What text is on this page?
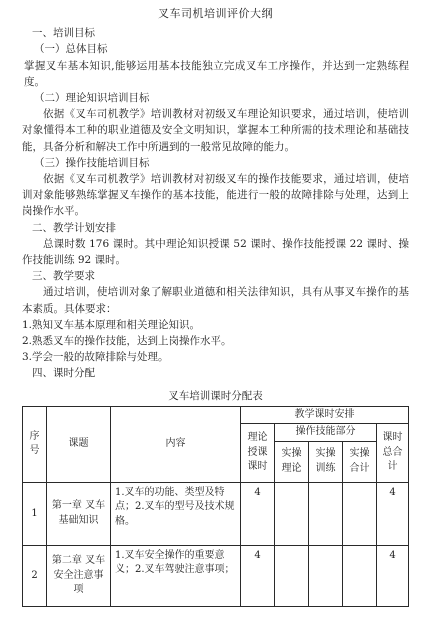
叉车司机培训评价大纲
一、培训目标
（一）总体目标

掌握叉车基本知识,能够运用基本技能独立完成叉车工序操作，并达到一定熟练程度。

（二）理论知识培训目标

依据《叉车司机教学》培训教材对初级叉车理论知识要求，通过培训，使培训对象懂得本工种的职业道德及安全文明知识，掌握本工种所需的技术理论和基础技能，具备分析和解决工作中所遇到的一般常见故障的能力。

（三）操作技能培训目标

依据《叉车司机教学》培训教材对初级叉车的操作技能要求，通过培训，使培训对象能够熟练掌握叉车操作的基本技能，能进行一般的故障排除与处理，达到上岗操作水平。

二、教学计划安排

总课时数 176 课时。其中理论知识授课 52 课时、操作技能授课 22 课时、操作技能训练 92 课时。

三、教学要求

通过培训，使培训对象了解职业道德和相关法律知识，具有从事叉车操作的基本素质。具体要求：

1.熟知叉车基本原理和相关理论知识。
2.熟悉叉车的操作技能，达到上岗操作水平。
3.学会一般的故障排除与处理。
四、课时分配
叉车培训课时分配表
序号	课题	内容	教学课时安排				
			理论授课课时	操作技能部分			课时总合计
				实操理论	实操训练	实操合计	
1	第一章 叉车基础知识	1.叉车的功能、类型及特点；2.叉车的型号及技术规格。	4				4
2	第二章 叉车安全注意事项	1.叉车安全操作的重要意义；2.叉车驾驶注意事项；	4				4
